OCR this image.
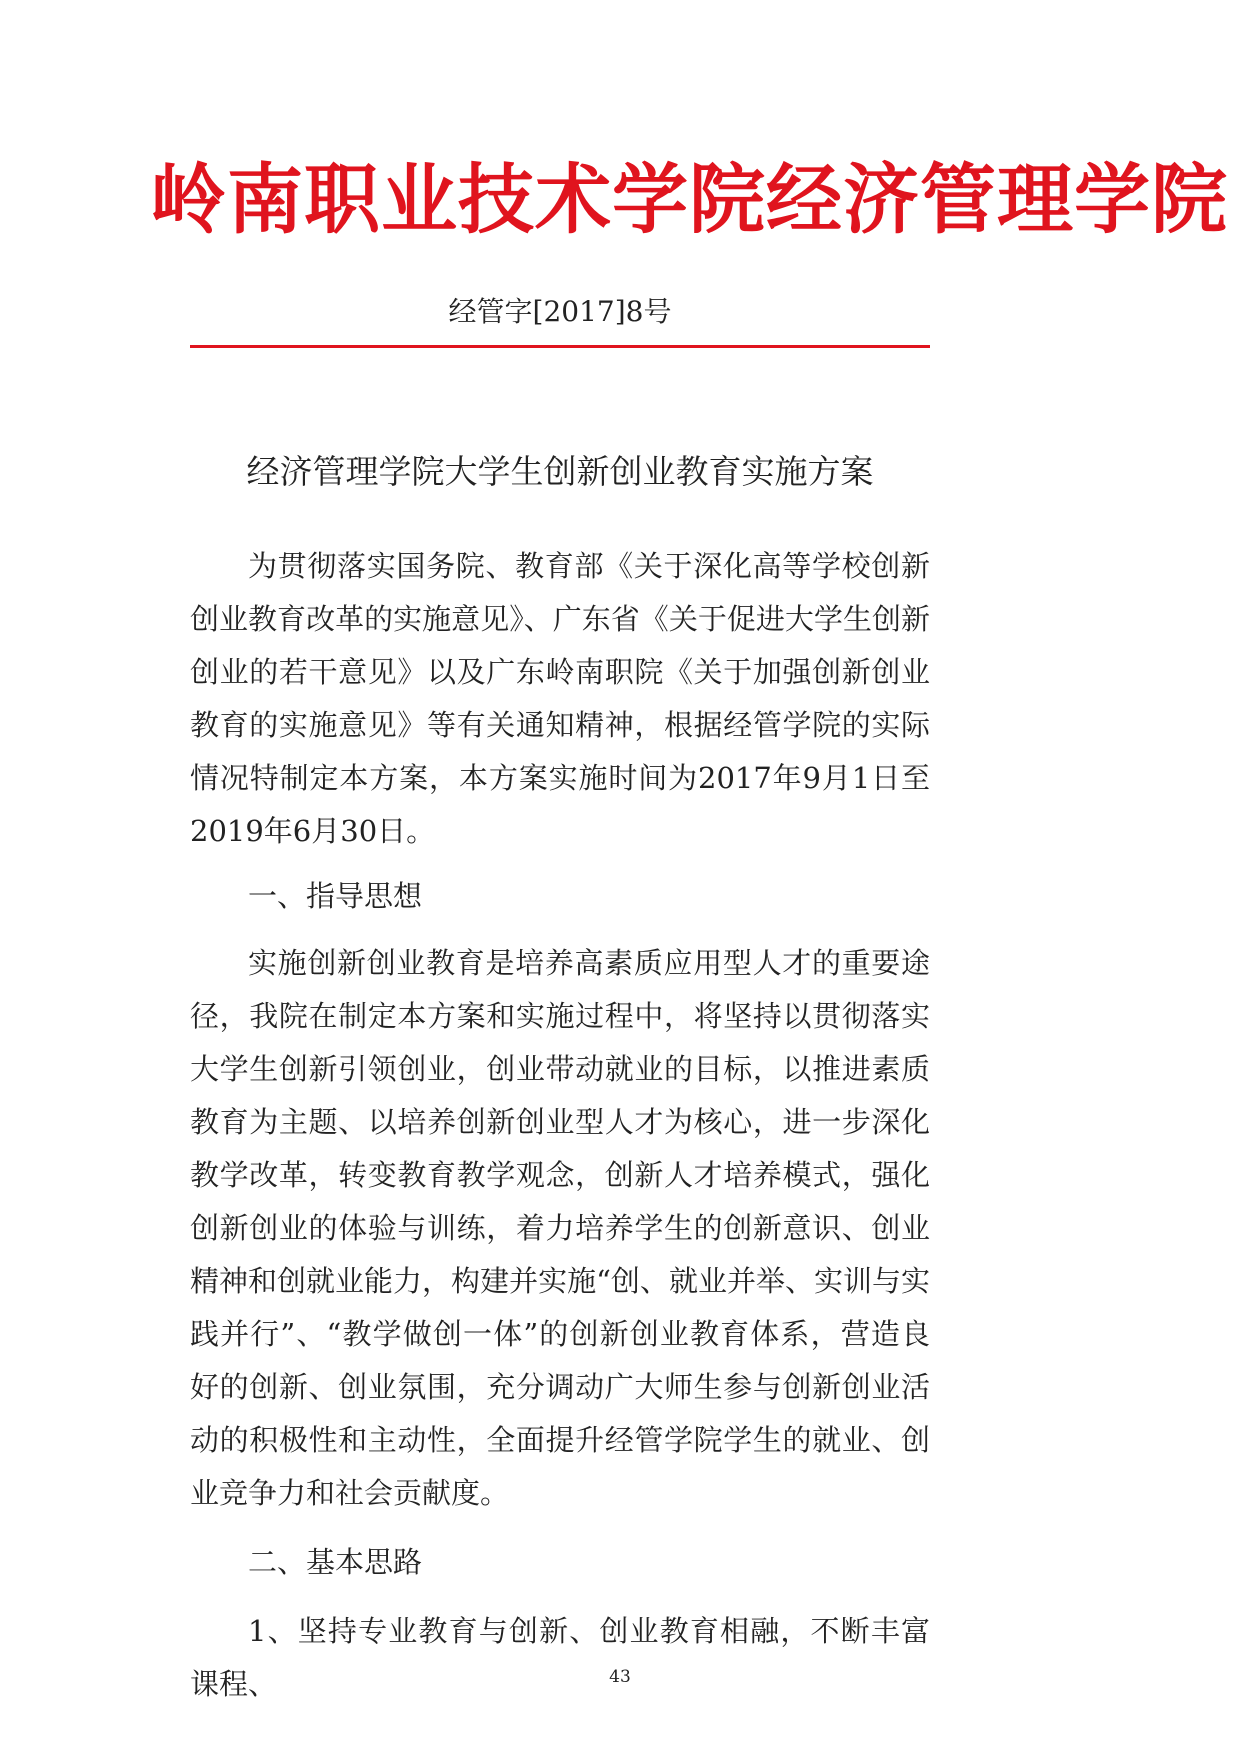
岭南职业技术学院经济管理学院
经管字[2017]8号
经济管理学院大学生创新创业教育实施方案

为贯彻落实国务院、教育部《关于深化高等学校创新创业教育改革的实施意见》、广东省《关于促进大学生创新创业的若干意见》以及广东岭南职院《关于加强创新创业教育的实施意见》等有关通知精神，根据经管学院的实际情况特制定本方案，本方案实施时间为2017年9月1日至2019年6月30日。

一、指导思想

实施创新创业教育是培养高素质应用型人才的重要途径，我院在制定本方案和实施过程中，将坚持以贯彻落实大学生创新引领创业，创业带动就业的目标，以推进素质教育为主题、以培养创新创业型人才为核心，进一步深化教学改革，转变教育教学观念，创新人才培养模式，强化创新创业的体验与训练，着力培养学生的创新意识、创业精神和创就业能力，构建并实施“创、就业并举、实训与实践并行”、“教学做创一体”的创新创业教育体系，营造良好的创新、创业氛围，充分调动广大师生参与创新创业活动的积极性和主动性，全面提升经管学院学生的就业、创业竞争力和社会贡献度。

二、基本思路

1、坚持专业教育与创新、创业教育相融，不断丰富课程、	43
